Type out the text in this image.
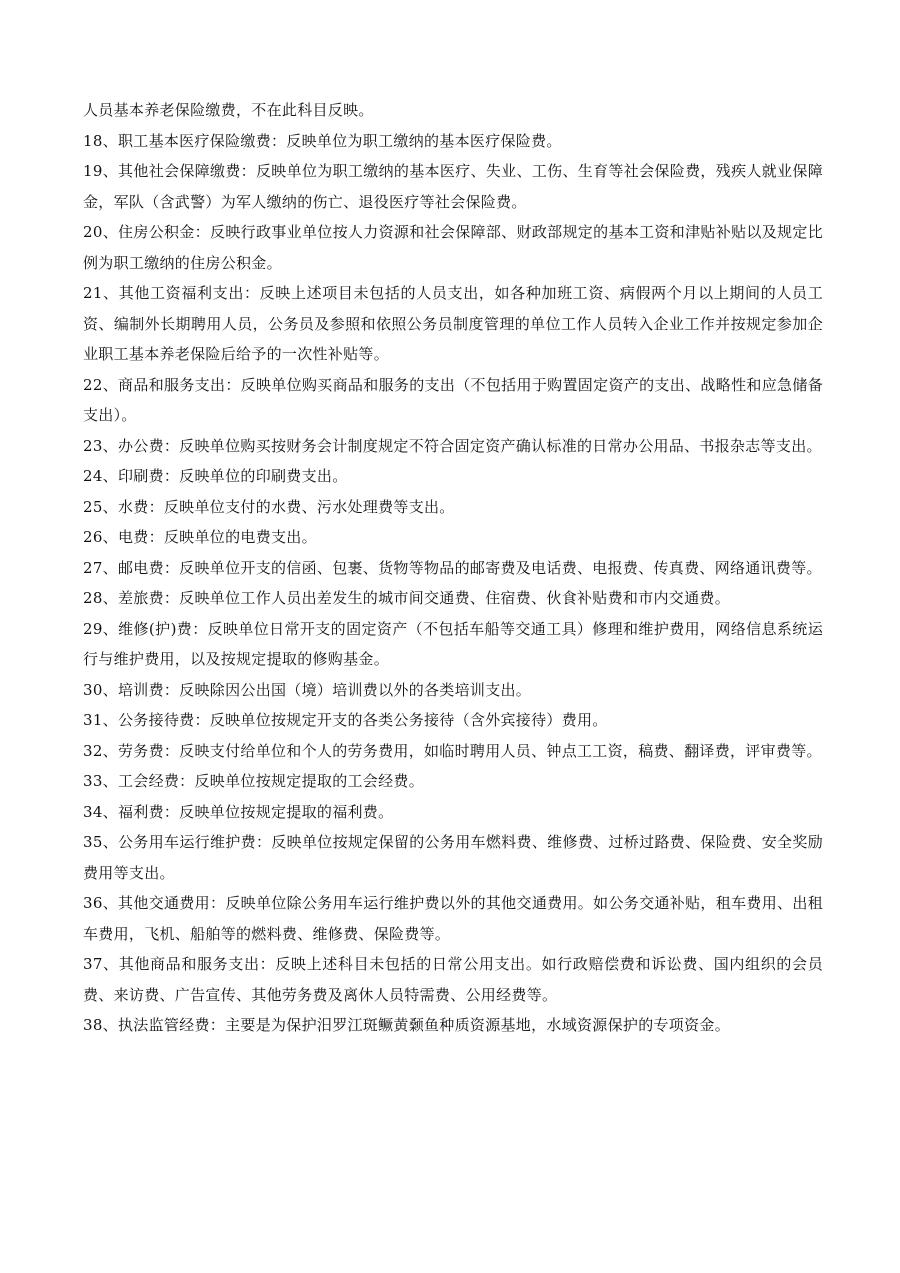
人员基本养老保险缴费，不在此科目反映。

18、职工基本医疗保险缴费：反映单位为职工缴纳的基本医疗保险费。

19、其他社会保障缴费：反映单位为职工缴纳的基本医疗、失业、工伤、生育等社会保险费，残疾人就业保障金，军队（含武警）为军人缴纳的伤亡、退役医疗等社会保险费。

20、住房公积金：反映行政事业单位按人力资源和社会保障部、财政部规定的基本工资和津贴补贴以及规定比例为职工缴纳的住房公积金。

21、其他工资福利支出：反映上述项目未包括的人员支出，如各种加班工资、病假两个月以上期间的人员工资、编制外长期聘用人员，公务员及参照和依照公务员制度管理的单位工作人员转入企业工作并按规定参加企业职工基本养老保险后给予的一次性补贴等。

22、商品和服务支出：反映单位购买商品和服务的支出（不包括用于购置固定资产的支出、战略性和应急储备支出）。

23、办公费：反映单位购买按财务会计制度规定不符合固定资产确认标准的日常办公用品、书报杂志等支出。

24、印刷费：反映单位的印刷费支出。

25、水费：反映单位支付的水费、污水处理费等支出。

26、电费：反映单位的电费支出。

27、邮电费：反映单位开支的信函、包裹、货物等物品的邮寄费及电话费、电报费、传真费、网络通讯费等。

28、差旅费：反映单位工作人员出差发生的城市间交通费、住宿费、伙食补贴费和市内交通费。

29、维修(护)费：反映单位日常开支的固定资产（不包括车船等交通工具）修理和维护费用，网络信息系统运行与维护费用，以及按规定提取的修购基金。

30、培训费：反映除因公出国（境）培训费以外的各类培训支出。

31、公务接待费：反映单位按规定开支的各类公务接待（含外宾接待）费用。

32、劳务费：反映支付给单位和个人的劳务费用，如临时聘用人员、钟点工工资，稿费、翻译费，评审费等。

33、工会经费：反映单位按规定提取的工会经费。

34、福利费：反映单位按规定提取的福利费。

35、公务用车运行维护费：反映单位按规定保留的公务用车燃料费、维修费、过桥过路费、保险费、安全奖励费用等支出。

36、其他交通费用：反映单位除公务用车运行维护费以外的其他交通费用。如公务交通补贴，租车费用、出租车费用，飞机、船舶等的燃料费、维修费、保险费等。

37、其他商品和服务支出：反映上述科目未包括的日常公用支出。如行政赔偿费和诉讼费、国内组织的会员费、来访费、广告宣传、其他劳务费及离休人员特需费、公用经费等。

38、执法监管经费：主要是为保护汨罗江斑鳜黄颡鱼种质资源基地，水域资源保护的专项资金。
